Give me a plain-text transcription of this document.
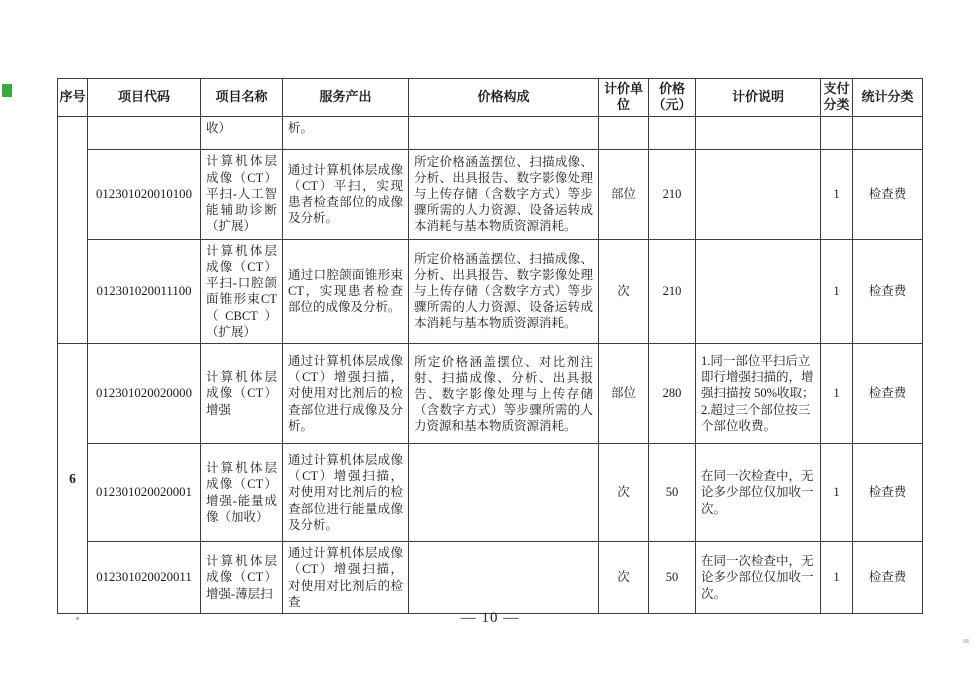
序号	项目代码	项目名称	服务产出	价格构成	计价单位	价格（元）	计价说明	支付分类	统计分类
		收）	析。						
	012301020010100	计算机体层成像（CT）平扫-人工智能辅助诊断（扩展）	通过计算机体层成像（CT）平扫，实现患者检查部位的成像及分析。	所定价格涵盖摆位、扫描成像、分析、出具报告、数字影像处理与上传存储（含数字方式）等步骤所需的人力资源、设备运转成本消耗与基本物质资源消耗。	部位	210		1	检查费
	012301020011100	计算机体层成像（CT）平扫-口腔颌面锥形束CT（CBCT）（扩展）	通过口腔颌面锥形束CT，实现患者检查部位的成像及分析。	所定价格涵盖摆位、扫描成像、分析、出具报告、数字影像处理与上传存储（含数字方式）等步骤所需的人力资源、设备运转成本消耗与基本物质资源消耗。	次	210		1	检查费
6	012301020020000	计算机体层成像（CT）增强	通过计算机体层成像（CT）增强扫描，对使用对比剂后的检查部位进行成像及分析。	所定价格涵盖摆位、对比剂注射、扫描成像、分析、出具报告、数字影像处理与上传存储（含数字方式）等步骤所需的人力资源和基本物质资源消耗。	部位	280	1.同一部位平扫后立即行增强扫描的，增强扫描按 50%收取；2.超过三个部位按三个部位收费。	1	检查费
	012301020020001	计算机体层成像（CT）增强-能量成像（加收）	通过计算机体层成像（CT）增强扫描，对使用对比剂后的检查部位进行能量成像及分析。		次	50	在同一次检查中，无论多少部位仅加收一次。	1	检查费
	012301020020011	计算机体层成像（CT）增强-薄层扫	通过计算机体层成像（CT）增强扫描，对使用对比剂后的检查		次	50	在同一次检查中，无论多少部位仅加收一次。	1	检查费
— 10 —
